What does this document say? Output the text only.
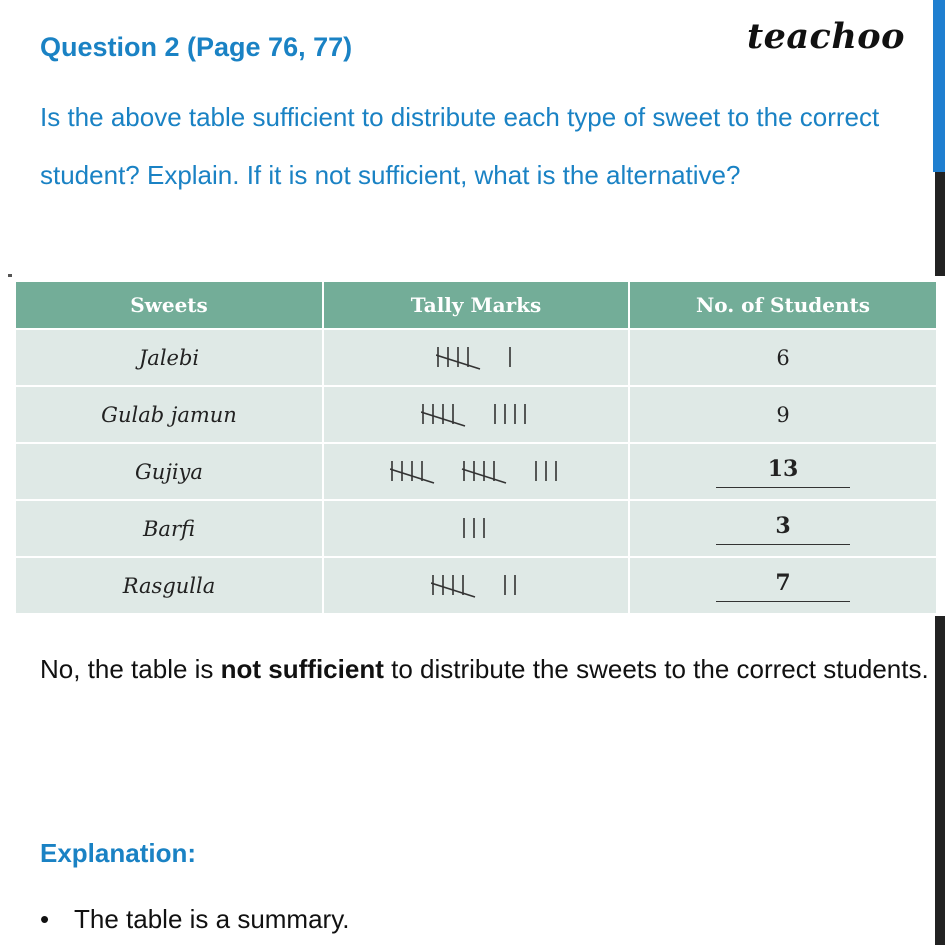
Question 2 (Page 76, 77)	teachoo
Is the above table sufficient to distribute each type of sweet to the correct student? Explain. If it is not sufficient, what is the alternative?
Sweets	Tally Marks	No. of Students
Jalebi		6
Gulab jamun		9
Gujiya		13
Barfi		3
Rasgulla		7
No, the table is not sufficient to distribute the sweets to the correct students.
Explanation:
• The table is a summary.
